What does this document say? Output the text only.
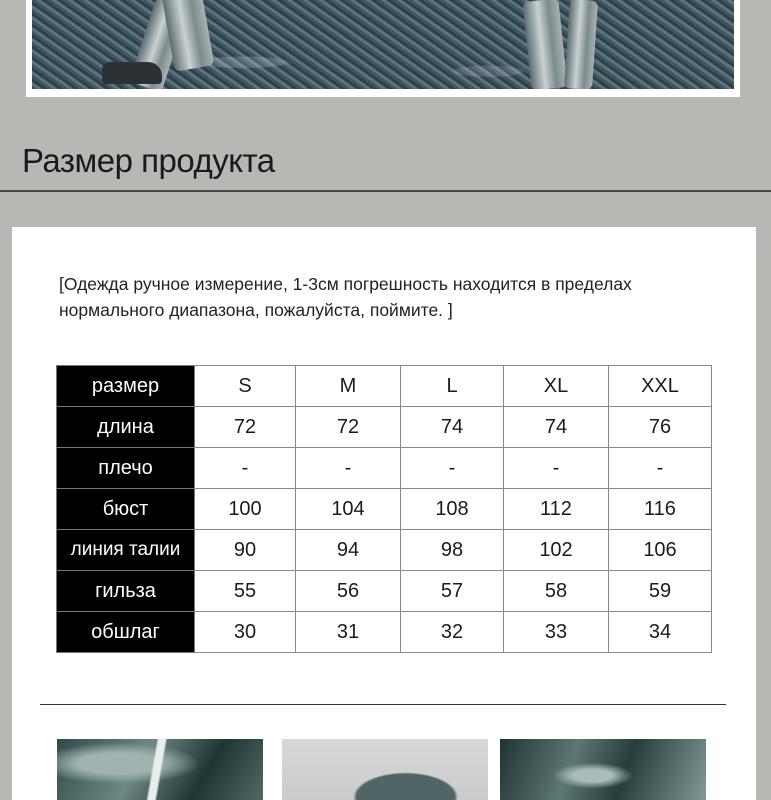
Размер продукта
[Одежда ручное измерение, 1-3см погрешность находится в пределах нормального диапазона, пожалуйста, поймите. ]
размер	S	M	L	XL	XXL
длина	72	72	74	74	76
плечо	-	-	-	-	-
бюст	100	104	108	112	116
линия талии	90	94	98	102	106
гильза	55	56	57	58	59
обшлаг	30	31	32	33	34
